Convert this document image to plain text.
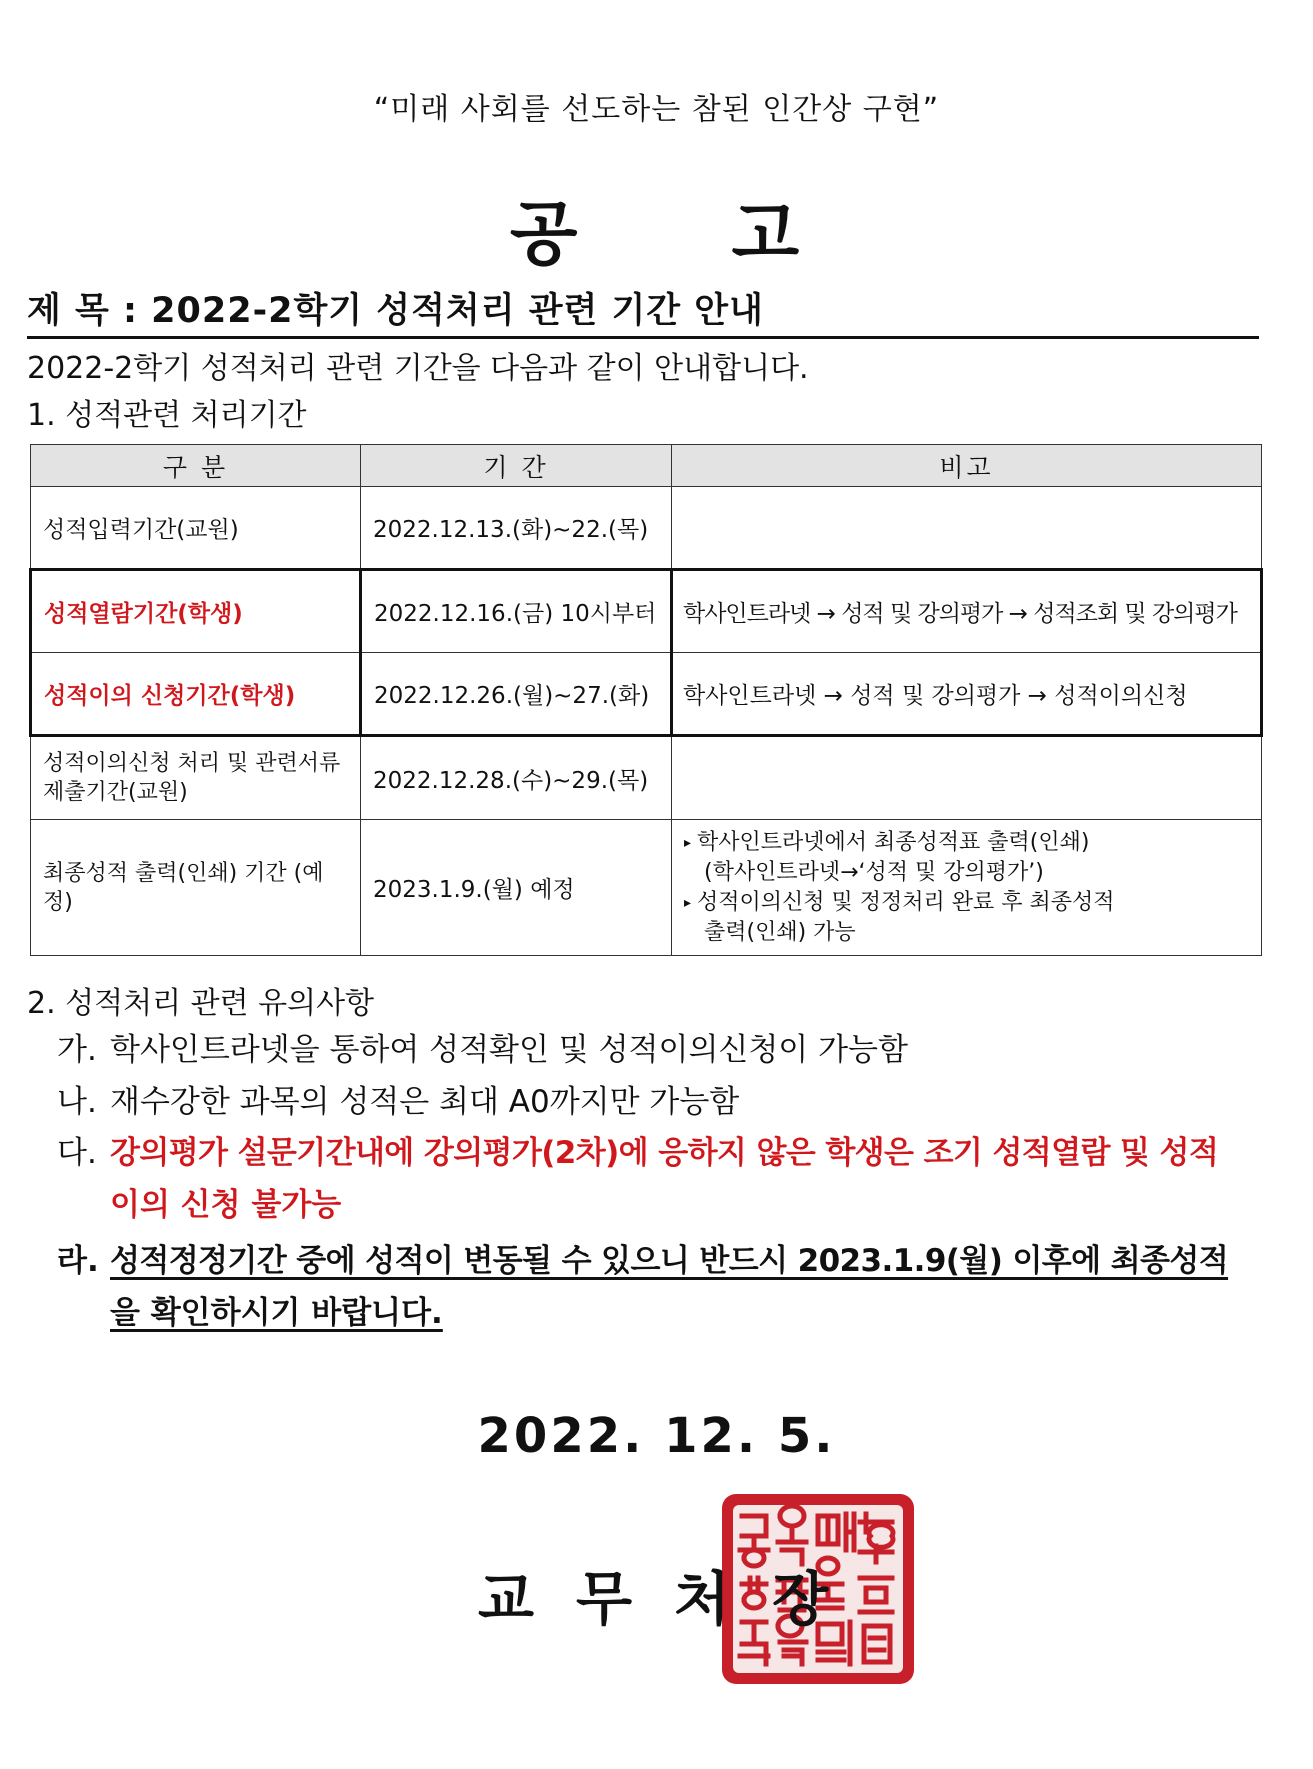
“미래 사회를 선도하는 참된 인간상 구현”
공 고
제 목 : 2022-2학기 성적처리 관련 기간 안내
2022-2학기 성적처리 관련 기간을 다음과 같이 안내합니다.
1. 성적관련 처리기간
구 분	기 간	비고
성적입력기간(교원)	2022.12.13.(화)~22.(목)	
성적열람기간(학생)	2022.12.16.(금) 10시부터	학사인트라넷 → 성적 및 강의평가 → 성적조회 및 강의평가
성적이의 신청기간(학생)	2022.12.26.(월)~27.(화)	학사인트라넷 → 성적 및 강의평가 → 성적이의신청
성적이의신청 처리 및 관련서류 제출기간(교원)	2022.12.28.(수)~29.(목)	
최종성적 출력(인쇄) 기간 (예정)	2023.1.9.(월) 예정	▸ 학사인트라넷에서 최종성적표 출력(인쇄)
(학사인트라넷→‘성적 및 강의평가’)
▸ 성적이의신청 및 정정처리 완료 후 최종성적
출력(인쇄) 가능
2. 성적처리 관련 유의사항
가. 학사인트라넷을 통하여 성적확인 및 성적이의신청이 가능함
나. 재수강한 과목의 성적은 최대 A0까지만 가능함
다. 강의평가 설문기간내에 강의평가(2차)에 응하지 않은 학생은 조기 성적열람 및 성적
이의 신청 불가능
라. 성적정정기간 중에 성적이 변동될 수 있으니 반드시 2023.1.9(월) 이후에 최종성적
을 확인하시기 바랍니다.
2022. 12. 5.
교무처장
